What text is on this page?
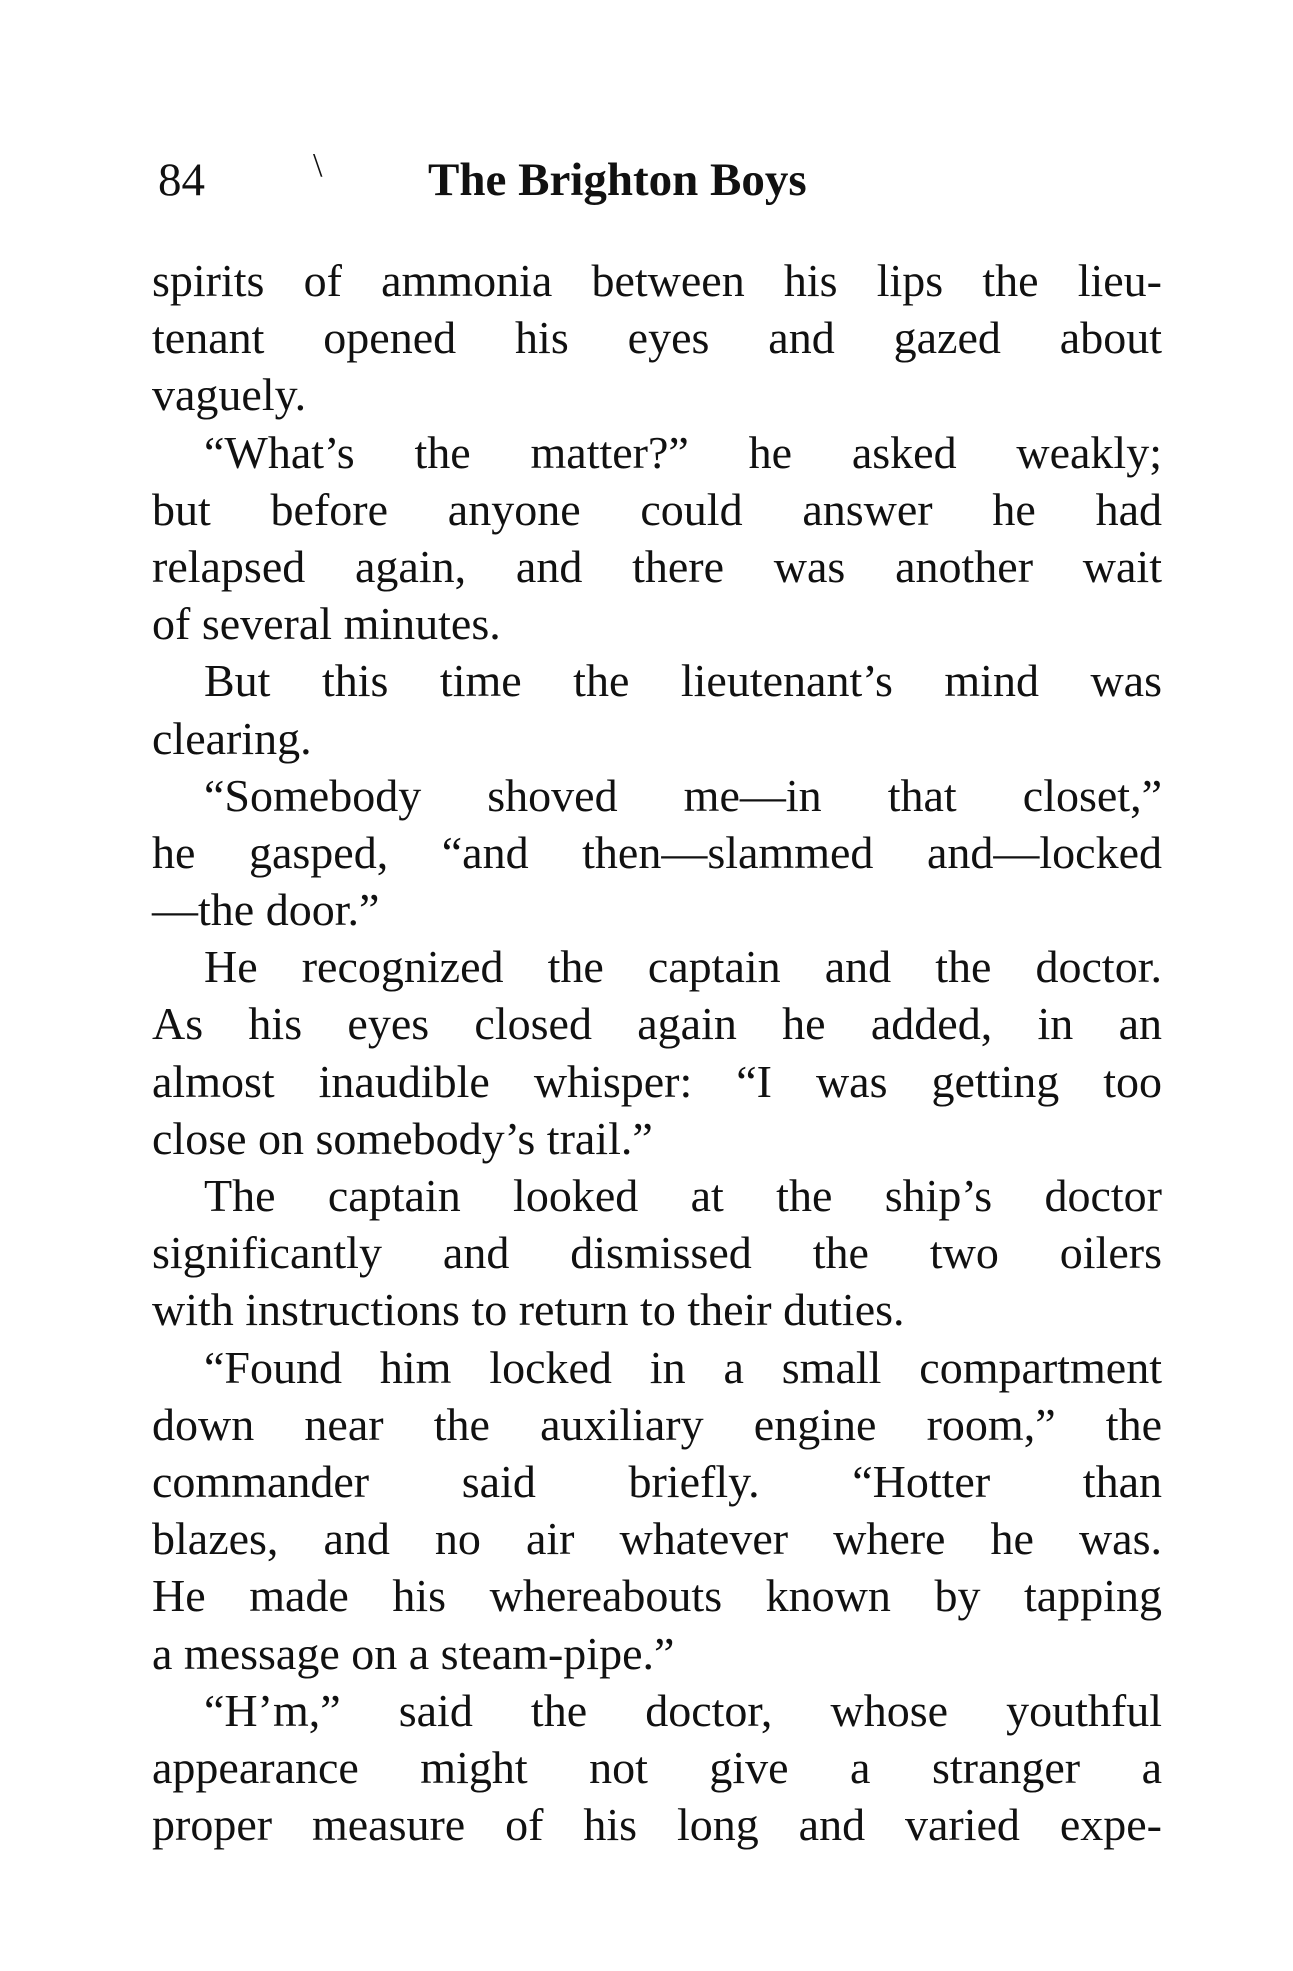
84	\ The Brighton Boys
spirits of ammonia between his lips the lieu-
tenant opened his eyes and gazed about
vaguely.
“What’s the matter?” he asked weakly;
but before anyone could answer he had
relapsed again, and there was another wait
of several minutes.
But this time the lieutenant’s mind was
clearing.
“Somebody shoved me—in that closet,”
he gasped, “and then—slammed and—locked
—the door.”
He recognized the captain and the doctor.
As his eyes closed again he added, in an
almost inaudible whisper: “I was getting too
close on somebody’s trail.”
The captain looked at the ship’s doctor
significantly and dismissed the two oilers
with instructions to return to their duties.
“Found him locked in a small compartment
down near the auxiliary engine room,” the
commander said briefly. “Hotter than
blazes, and no air whatever where he was.
He made his whereabouts known by tapping
a message on a steam-pipe.”
“H’m,” said the doctor, whose youthful
appearance might not give a stranger a
proper measure of his long and varied expe-
